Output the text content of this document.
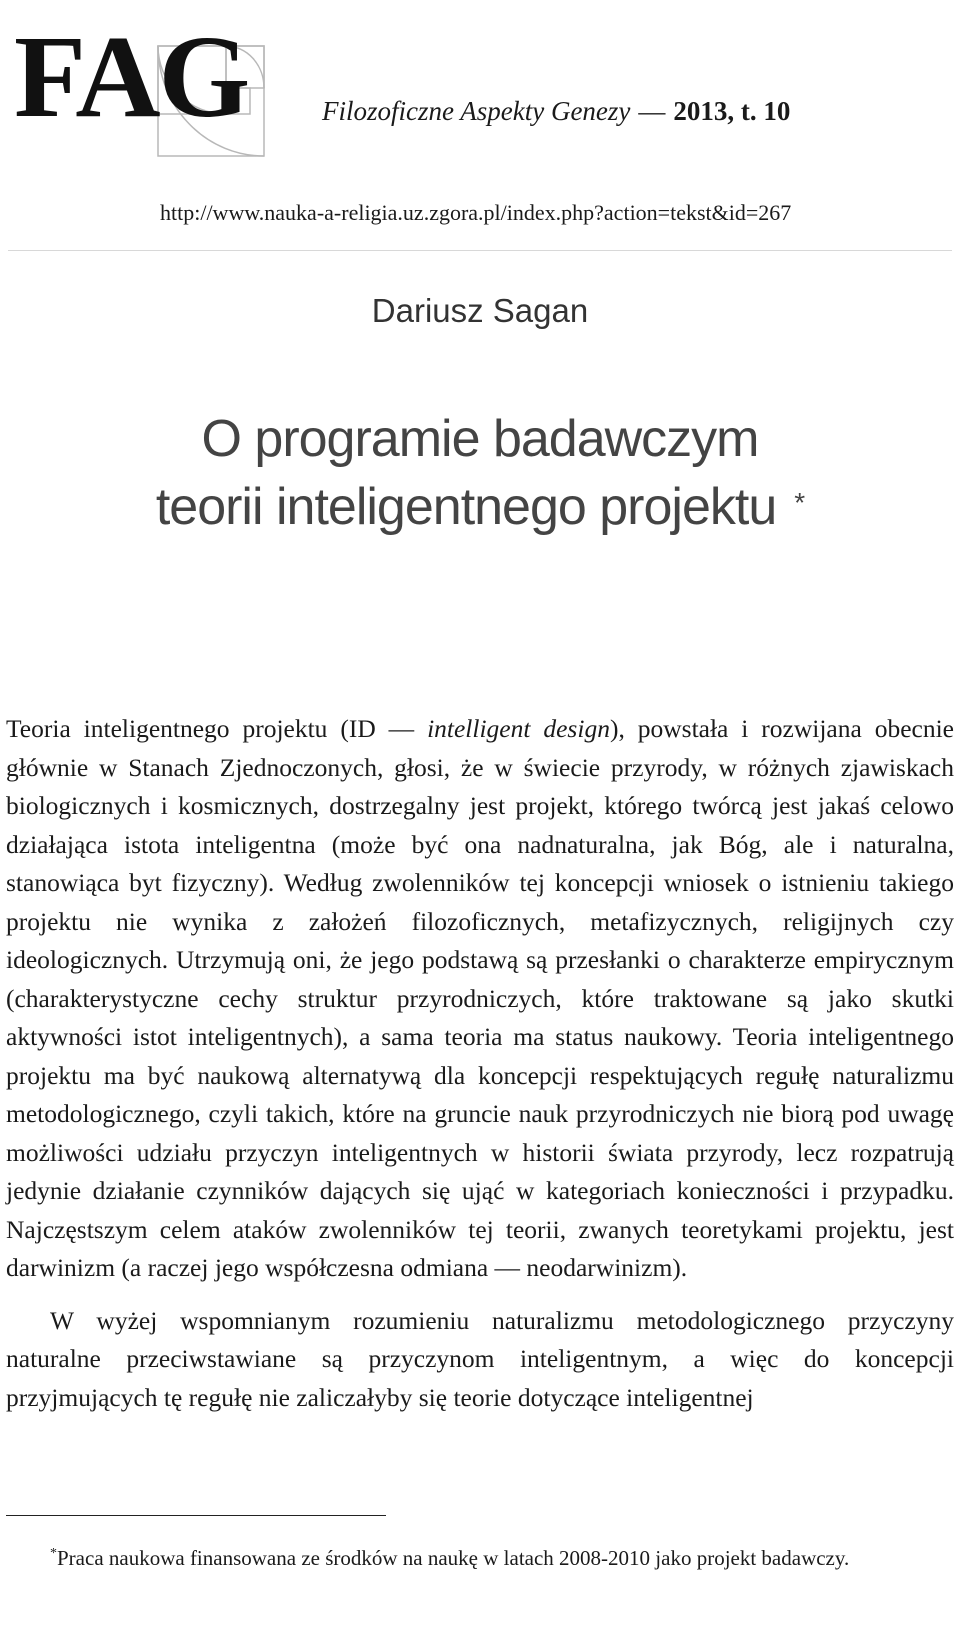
FAG	Filozoficzne Aspekty Genezy — 2013, t. 10
http://www.nauka-a-religia.uz.zgora.pl/index.php?action=tekst&id=267
Dariusz Sagan
O programie badawczym
teorii inteligentnego projektu *

Teoria inteligentnego projektu (ID — intelligent design), powstała i rozwijana obecnie głównie w Stanach Zjednoczonych, głosi, że w świecie przyrody, w różnych zjawiskach biologicznych i kosmicznych, dostrzegalny jest projekt, którego twórcą jest jakaś celowo działająca istota inteligentna (może być ona nadnaturalna, jak Bóg, ale i naturalna, stanowiąca byt fizyczny). Według zwolenników tej koncepcji wniosek o istnieniu takiego projektu nie wynika z założeń filozoficznych, metafizycznych, religijnych czy ideologicznych. Utrzymują oni, że jego podstawą są przesłanki o charakterze empirycznym (charakterystyczne cechy struktur przyrodniczych, które traktowane są jako skutki aktywności istot inteligentnych), a sama teoria ma status naukowy. Teoria inteligentnego projektu ma być naukową alternatywą dla koncepcji respektujących regułę naturalizmu metodologicznego, czyli takich, które na gruncie nauk przyrodniczych nie biorą pod uwagę możliwości udziału przyczyn inteligentnych w historii świata przyrody, lecz rozpatrują jedynie działanie czynników dających się ująć w kategoriach konieczności i przypadku. Najczęstszym celem ataków zwolenników tej teorii, zwanych teoretykami projektu, jest darwinizm (a raczej jego współczesna odmiana — neodarwinizm).

W wyżej wspomnianym rozumieniu naturalizmu metodologicznego przyczyny naturalne przeciwstawiane są przyczynom inteligentnym, a więc do koncepcji przyjmujących tę regułę nie zaliczałyby się teorie dotyczące inteligentnej

*Praca naukowa finansowana ze środków na naukę w latach 2008-2010 jako projekt badawczy.
